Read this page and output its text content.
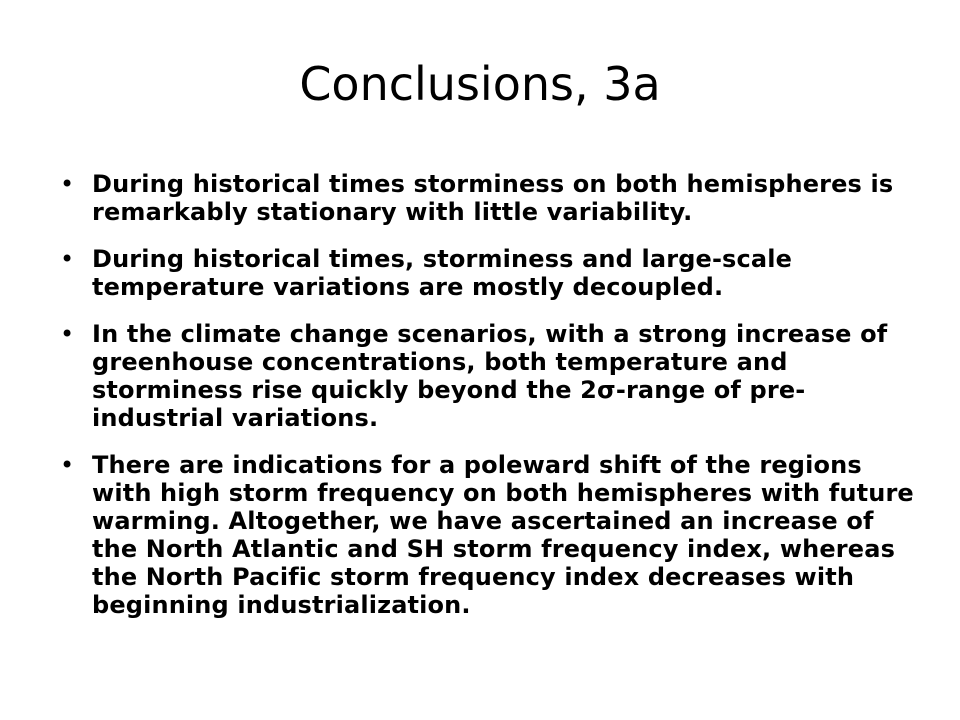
Conclusions, 3a
• During historical times storminess on both hemispheres is remarkably stationary with little variability.
• During historical times, storminess and large-scale temperature variations are mostly decoupled.
• In the climate change scenarios, with a strong increase of greenhouse concentrations, both temperature and storminess rise quickly beyond the 2σ-range of pre-industrial variations.
• There are indications for a poleward shift of the regions with high storm frequency on both hemispheres with future warming. Altogether, we have ascertained an increase of the North Atlantic and SH storm frequency index, whereas the North Pacific storm frequency index decreases with beginning industrialization.
